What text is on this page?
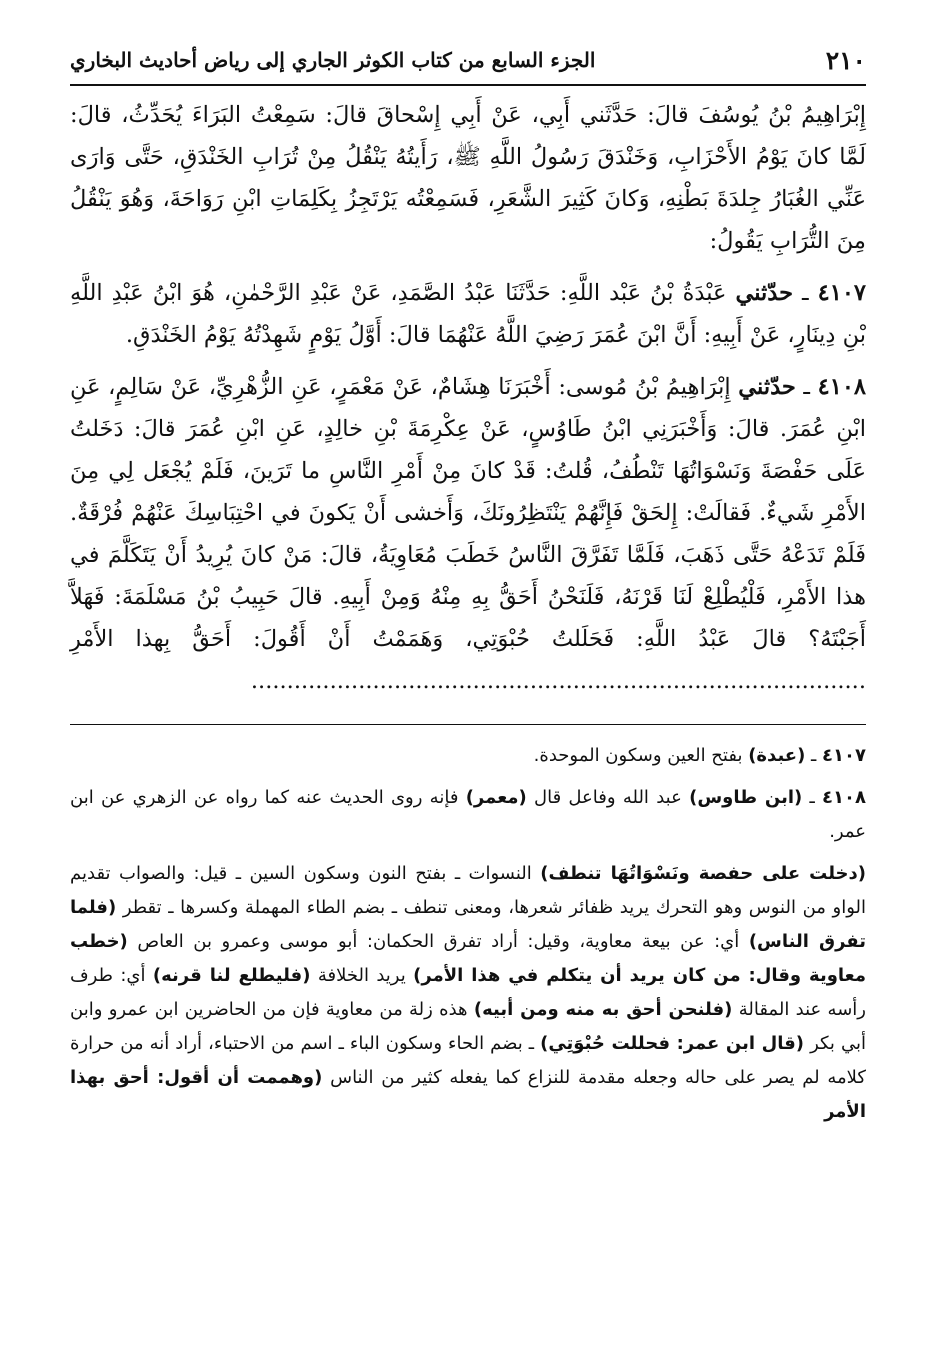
٢١٠
الجزء السابع من كتاب الكوثر الجاري إلى رياض أحاديث البخاري

إِبْرَاهِيمُ بْنُ يُوسُفَ قالَ: حَدَّثَني أَبِي، عَنْ أَبِي إِسْحاقَ قالَ: سَمِعْتُ البَرَاءَ يُحَدِّثُ، قالَ: لَمَّا كانَ يَوْمُ الأَحْزَابِ، وَخَنْدَقَ رَسُولُ اللَّهِ ﷺ، رَأَيتُهُ يَنْقُلُ مِنْ تُرَابِ الخَنْدَقِ، حَتَّى وَارَى عَنِّي الغُبَارُ جِلدَةَ بَطْنِهِ، وَكانَ كَثِيرَ الشَّعَرِ، فَسَمِعْتُه يَرْتَجِزُ بِكَلِمَاتِ ابْنِ رَوَاحَةَ، وَهُوَ يَنْقُلُ مِنَ التُّرَابِ يَقُولُ:

٤١٠٧ ـ حدّثني عَبْدَةُ بْنُ عَبْد اللَّهِ: حَدَّثَنَا عَبْدُ الصَّمَدِ، عَنْ عَبْدِ الرَّحْمٰنِ، هُوَ ابْنُ عَبْدِ اللَّهِ بْنِ دِينَارٍ، عَنْ أَبِيهِ: أَنَّ ابْنَ عُمَرَ رَضِيَ اللَّهُ عَنْهُمَا قالَ: أَوَّلُ يَوْمٍ شَهِدْتُهُ يَوْمُ الخَنْدَقِ.

٤١٠٨ ـ حدّثني إِبْرَاهِيمُ بْنُ مُوسى: أَخْبَرَنَا هِشَامٌ، عَنْ مَعْمَرٍ، عَنِ الزُّهْرِيِّ، عَنْ سَالِمٍ، عَنِ ابْنِ عُمَرَ. قالَ: وَأَخْبَرَنِي ابْنُ طَاوُسٍ، عَنْ عِكْرِمَةَ بْنِ خالِدٍ، عَنِ ابْنِ عُمَرَ قالَ: دَخَلتُ عَلَى حَفْصَةَ وَنَسْوَاتُهَا تَنْطُفُ، قُلتُ: قَدْ كانَ مِنْ أَمْرِ النَّاسِ ما تَرَينَ، فَلَمْ يُجْعَل لِي مِنَ الأَمْرِ شَيءٌ. فَقالَتْ: إِلحَقْ فَإِنَّهُمْ يَنْتَظِرُونَكَ، وَأَخشى أَنْ يَكونَ في احْتِبَاسِكَ عَنْهُمْ فُرْقَةٌ. فَلَمْ تَدَعْهُ حَتَّى ذَهَبَ، فَلَمَّا تَفَرَّقَ النَّاسُ خَطَبَ مُعَاوِيَةُ، قالَ: مَنْ كانَ يُرِيدُ أَنْ يَتَكَلَّمَ في هذا الأَمْرِ، فَلْيُطْلِعْ لَنَا قَرْنَهُ، فَلَنَحْنُ أَحَقُّ بِهِ مِنْهُ وَمِنْ أَبِيهِ. قالَ حَبِيبُ بْنُ مَسْلَمَةَ: فَهَلاَّ أَجَبْتَهُ؟ قالَ عَبْدُ اللَّهِ: فَحَلَلتُ حُبْوَتِي، وَهَمَمْتُ أَنْ أَقُولَ: أَحَقُّ بِهذا الأَمْرِ ......................................................................................

٤١٠٧ ـ (عبدة) بفتح العين وسكون الموحدة.

٤١٠٨ ـ (ابن طاوس) عبد الله وفاعل قال (معمر) فإنه روى الحديث عنه كما رواه عن الزهري عن ابن عمر.

(دخلت على حفصة ونَسْوَاتُهَا تنطف) النسوات ـ بفتح النون وسكون السين ـ قيل: والصواب تقديم الواو من النوس وهو التحرك يريد ظفائر شعرها، ومعنى تنطف ـ بضم الطاء المهملة وكسرها ـ تقطر (فلما تفرق الناس) أي: عن بيعة معاوية، وقيل: أراد تفرق الحكمان: أبو موسى وعمرو بن العاص (خطب معاوية وقال: من كان يريد أن يتكلم في هذا الأمر) يريد الخلافة (فليطلع لنا قرنه) أي: طرف رأسه عند المقالة (فلنحن أحق به منه ومن أبيه) هذه زلة من معاوية فإن من الحاضرين ابن عمرو وابن أبي بكر (قال ابن عمر: فحللت حُبْوَتِي) ـ بضم الحاء وسكون الباء ـ اسم من الاحتباء، أراد أنه من حرارة كلامه لم يصر على حاله وجعله مقدمة للنزاع كما يفعله كثير من الناس (وهممت أن أقول: أحق بهذا الأمر
